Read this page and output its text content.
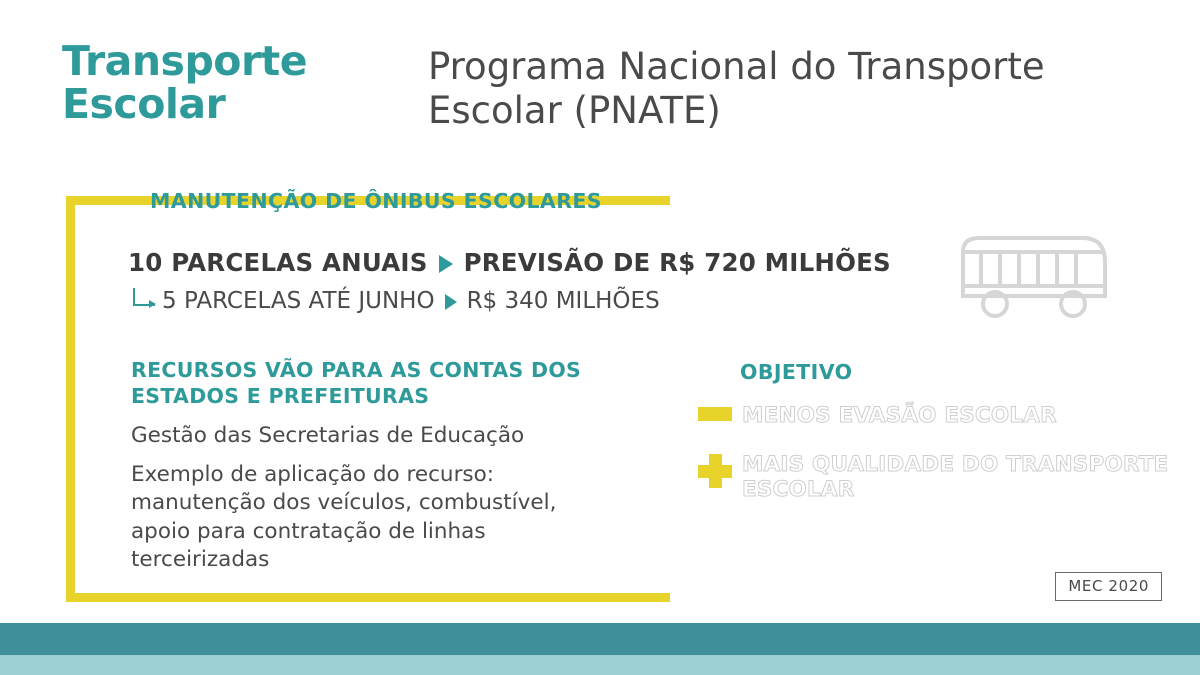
Transporte Escolar
Programa Nacional do Transporte Escolar (PNATE)
MANUTENÇÃO DE ÔNIBUS ESCOLARES
10 PARCELAS ANUAIS PREVISÃO DE R$ 720 MILHÕES
5 PARCELAS ATÉ JUNHO R$ 340 MILHÕES
RECURSOS VÃO PARA AS CONTAS DOS ESTADOS E PREFEITURAS
Gestão das Secretarias de Educação
Exemplo de aplicação do recurso: manutenção dos veículos, combustível, apoio para contratação de linhas terceirizadas
OBJETIVO
MENOS EVASÃO ESCOLAR
MAIS QUALIDADE DO TRANSPORTE ESCOLAR
MEC 2020
